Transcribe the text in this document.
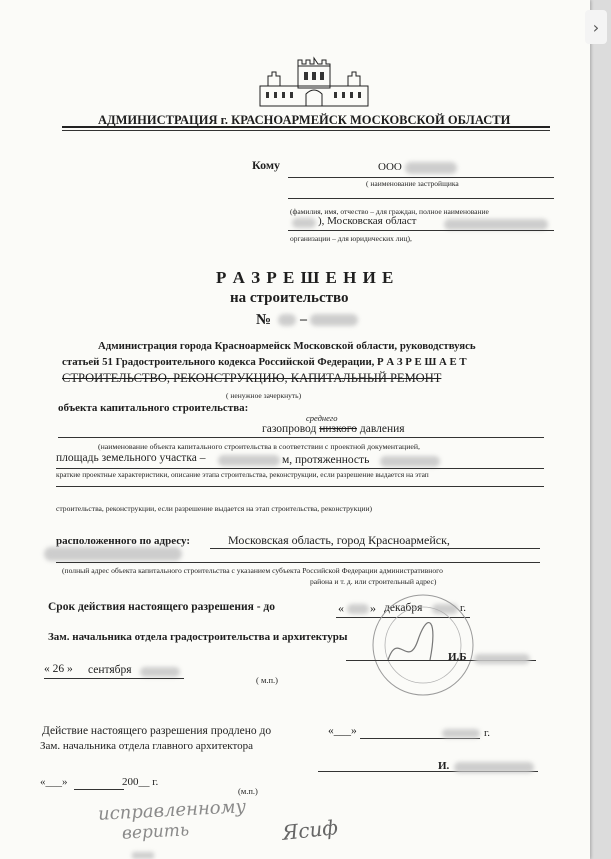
АДМИНИСТРАЦИЯ г. КРАСНОАРМЕЙСК МОСКОВСКОЙ ОБЛАСТИ
Кому	ООО
( наименование застройщика
(фамилия, имя, отчество – для граждан, полное наименование
), Московская област
организации – для юридических лиц),
Р А З Р Е Ш Е Н И Е
на строительство
№ –
Администрация города Красноармейск Московской области, руководствуясь
статьей 51 Градостроительного кодекса Российской Федерации, Р А З Р Е Ш А Е Т
СТРОИТЕЛЬСТВО, РЕКОНСТРУКЦИЮ, КАПИТАЛЬНЫЙ РЕМОНТ
( ненужное зачеркнуть)
объекта капитального строительства:
среднего
газопровод низкого давления
(наименование объекта капитального строительства в соответствии с проектной документацией,
площадь земельного участка –	м, протяженность
краткие проектные характеристики, описание этапа строительства, реконструкции, если разрешение выдается на этап
строительства, реконструкции, если разрешение выдается на этап строительства, реконструкции)
расположенного по адресу:	Московская область, город Красноармейск,
(полный адрес объекта капитального строительства с указанием субъекта Российской Федерации административного
района и т. д. или строительный адрес)
Срок действия настоящего разрешения - до	« » декабря	г.
Зам. начальника отдела градостроительства и архитектуры
И.Б
« 26 » сентября
( м.п.)
Действие настоящего разрешения продлено до	«___»	г.
Зам. начальника отдела главного архитектора
И.
«___»	200__ г.
(м.п.)
исправленному
верить	Ясиф
›
